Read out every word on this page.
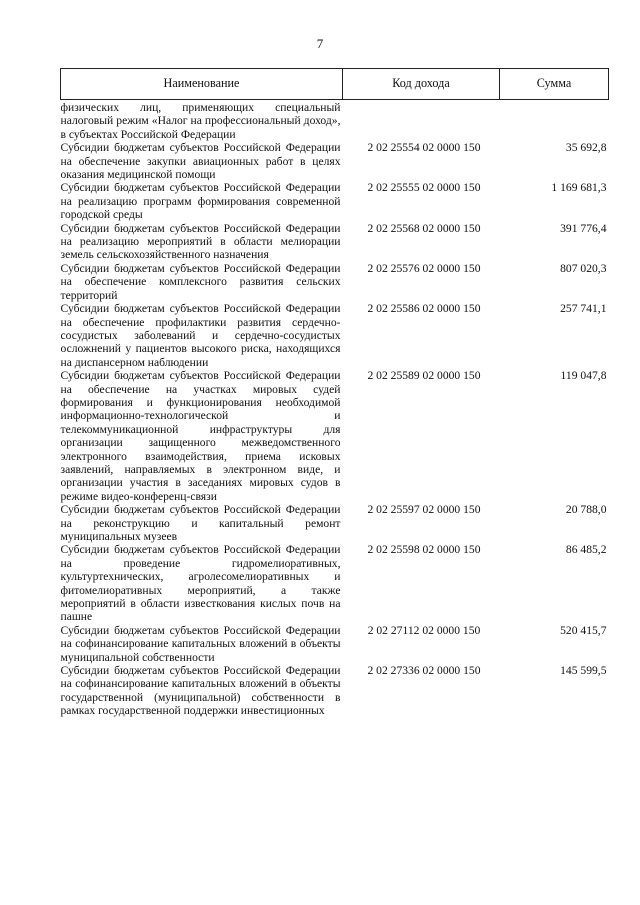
7
Наименование	Код дохода	Сумма
физических лиц, применяющих специальный налоговый режим «Налог на профессиональный доход», в субъектах Российской Федерации		
Субсидии бюджетам субъектов Российской Федерации на обеспечение закупки авиационных работ в целях оказания медицинской помощи	2 02 25554 02 0000 150	35 692,8
Субсидии бюджетам субъектов Российской Федерации на реализацию программ формирования современной городской среды	2 02 25555 02 0000 150	1 169 681,3
Субсидии бюджетам субъектов Российской Федерации на реализацию мероприятий в области мелиорации земель сельскохозяйственного назначения	2 02 25568 02 0000 150	391 776,4
Субсидии бюджетам субъектов Российской Федерации на обеспечение комплексного развития сельских территорий	2 02 25576 02 0000 150	807 020,3
Субсидии бюджетам субъектов Российской Федерации на обеспечение профилактики развития сердечно-сосудистых заболеваний и сердечно-сосудистых осложнений у пациентов высокого риска, находящихся на диспансерном наблюдении	2 02 25586 02 0000 150	257 741,1
Субсидии бюджетам субъектов Российской Федерации на обеспечение на участках мировых судей формирования и функционирования необходимой информационно-технологической и телекоммуникационной инфраструктуры для организации защищенного межведомственного электронного взаимодействия, приема исковых заявлений, направляемых в электронном виде, и организации участия в заседаниях мировых судов в режиме видео-конференц-связи	2 02 25589 02 0000 150	119 047,8
Субсидии бюджетам субъектов Российской Федерации на реконструкцию и капитальный ремонт муниципальных музеев	2 02 25597 02 0000 150	20 788,0
Субсидии бюджетам субъектов Российской Федерации на проведение гидромелиоративных, культуртехнических, агролесомелиоративных и фитомелиоративных мероприятий, а также мероприятий в области известкования кислых почв на пашне	2 02 25598 02 0000 150	86 485,2
Субсидии бюджетам субъектов Российской Федерации на софинансирование капитальных вложений в объекты муниципальной собственности	2 02 27112 02 0000 150	520 415,7
Субсидии бюджетам субъектов Российской Федерации на софинансирование капитальных вложений в объекты государственной (муниципальной) собственности в рамках государственной поддержки инвестиционных	2 02 27336 02 0000 150	145 599,5
